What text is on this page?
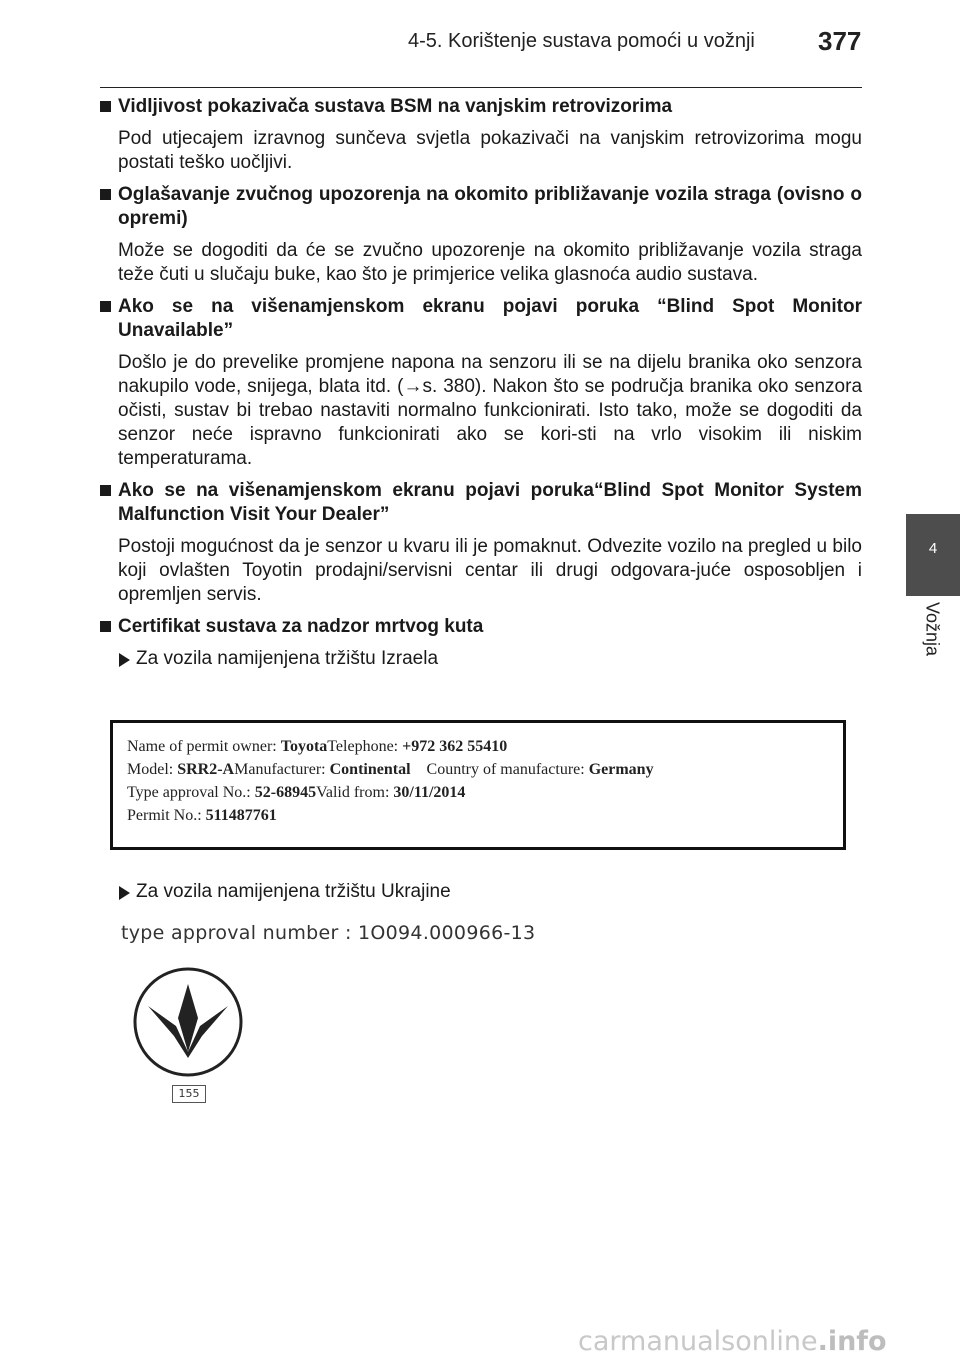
4-5. Korištenje sustava pomoći u vožnji	377
4
Vožnja
Vidljivost pokazivača sustava BSM na vanjskim retrovizorima
Pod utjecajem izravnog sunčeva svjetla pokazivači na vanjskim retrovizorima mogu postati teško uočljivi.
Oglašavanje zvučnog upozorenja na okomito približavanje vozila straga (ovisno o opremi)
Može se dogoditi da će se zvučno upozorenje na okomito približavanje vozila straga teže čuti u slučaju buke, kao što je primjerice velika glasnoća audio sustava.
Ako se na višenamjenskom ekranu pojavi poruka “Blind Spot Monitor Unavailable”
Došlo je do prevelike promjene napona na senzoru ili se na dijelu branika oko senzora nakupilo vode, snijega, blata itd. (→s. 380). Nakon što se područja branika oko senzora očisti, sustav bi trebao nastaviti normalno funkcionirati. Isto tako, može se dogoditi da senzor neće ispravno funkcionirati ako se kori-sti na vrlo visokim ili niskim temperaturama.
Ako se na višenamjenskom ekranu pojavi poruka“Blind Spot Monitor System Malfunction Visit Your Dealer”
Postoji mogućnost da je senzor u kvaru ili je pomaknut. Odvezite vozilo na pregled u bilo koji ovlašten Toyotin prodajni/servisni centar ili drugi odgovara-juće osposobljen i opremljen servis.
Certifikat sustava za nadzor mrtvog kuta
Za vozila namijenjena tržištu Izraela
Name of permit owner: ToyotaTelephone: +972 362 55410
Model: SRR2-AManufacturer: Continental Country of manufacture: Germany
Type approval No.: 52-68945Valid from: 30/11/2014
Permit No.: 511487761
Za vozila namijenjena tržištu Ukrajine
type approval number : 1O094.000966-13
155
carmanualsonline.info
